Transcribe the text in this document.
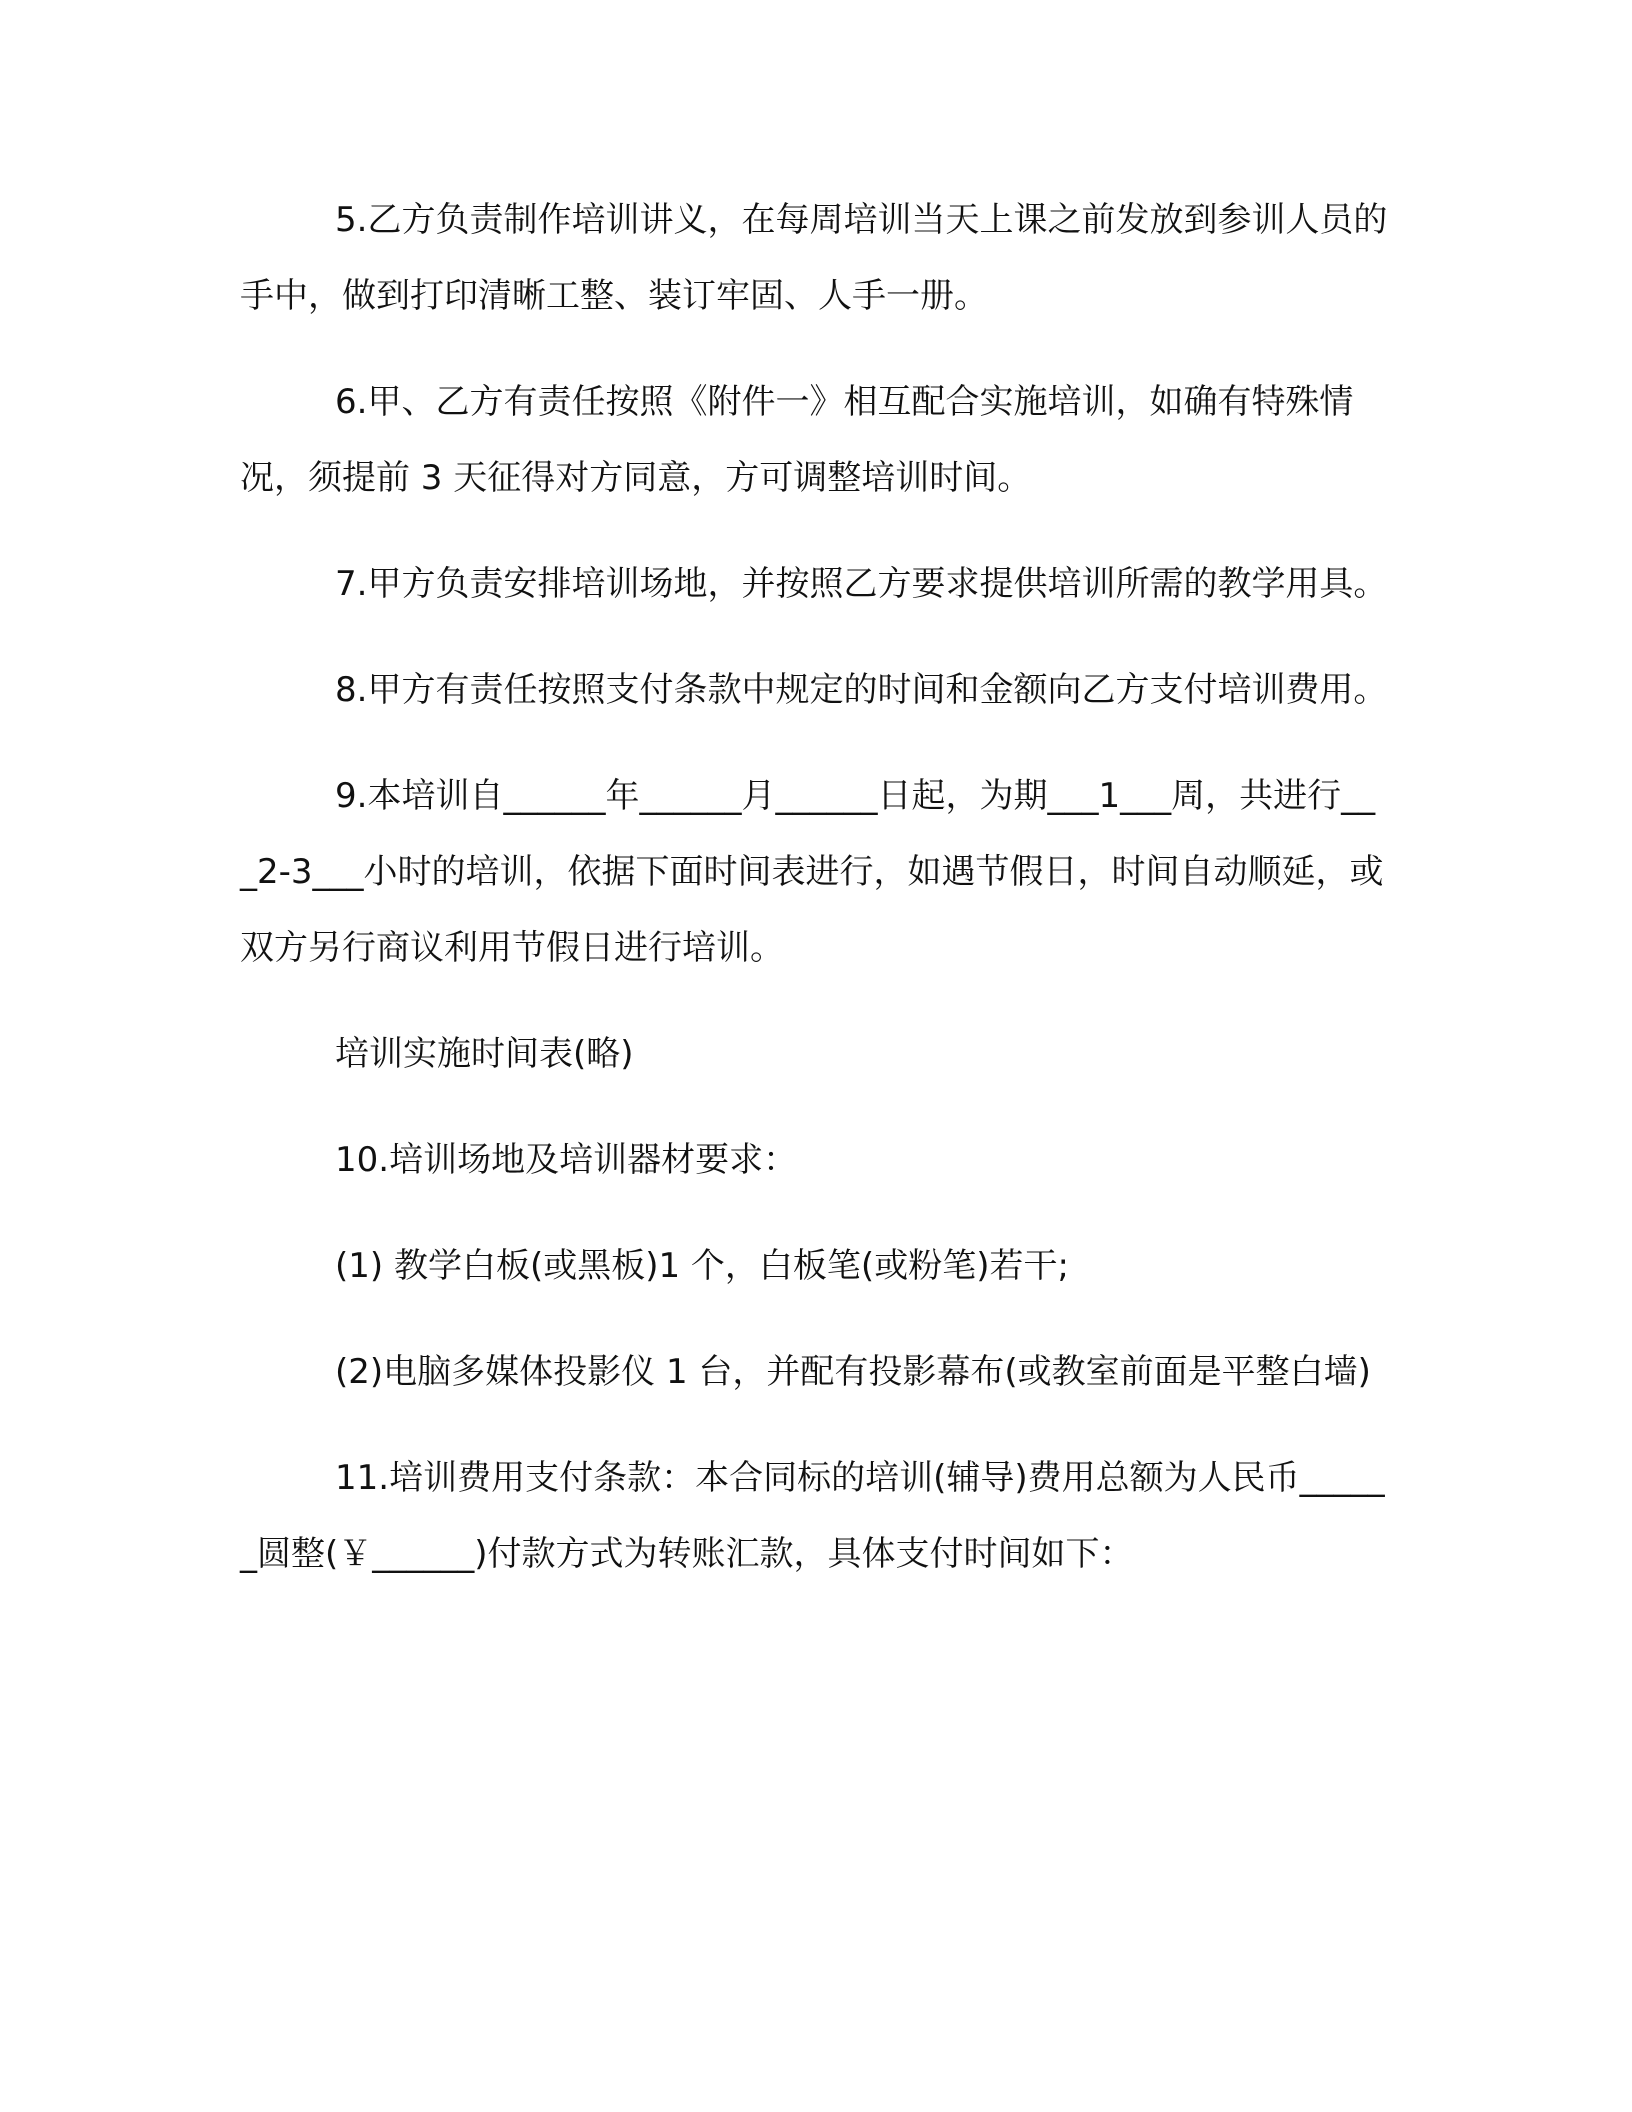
5.乙方负责制作培训讲义，在每周培训当天上课之前发放到参训人员的手中，做到打印清晰工整、装订牢固、人手一册。

6.甲、乙方有责任按照《附件一》相互配合实施培训，如确有特殊情况，须提前 3 天征得对方同意，方可调整培训时间。

7.甲方负责安排培训场地，并按照乙方要求提供培训所需的教学用具。

8.甲方有责任按照支付条款中规定的时间和金额向乙方支付培训费用。

9.本培训自______年______月______日起，为期___1___周，共进行___2-3___小时的培训，依据下面时间表进行，如遇节假日，时间自动顺延，或双方另行商议利用节假日进行培训。

培训实施时间表(略)

10.培训场地及培训器材要求：

(1) 教学白板(或黑板)1 个，白板笔(或粉笔)若干;

(2)电脑多媒体投影仪 1 台，并配有投影幕布(或教室前面是平整白墙)

11.培训费用支付条款：本合同标的培训(辅导)费用总额为人民币______圆整(￥______)付款方式为转账汇款，具体支付时间如下：
